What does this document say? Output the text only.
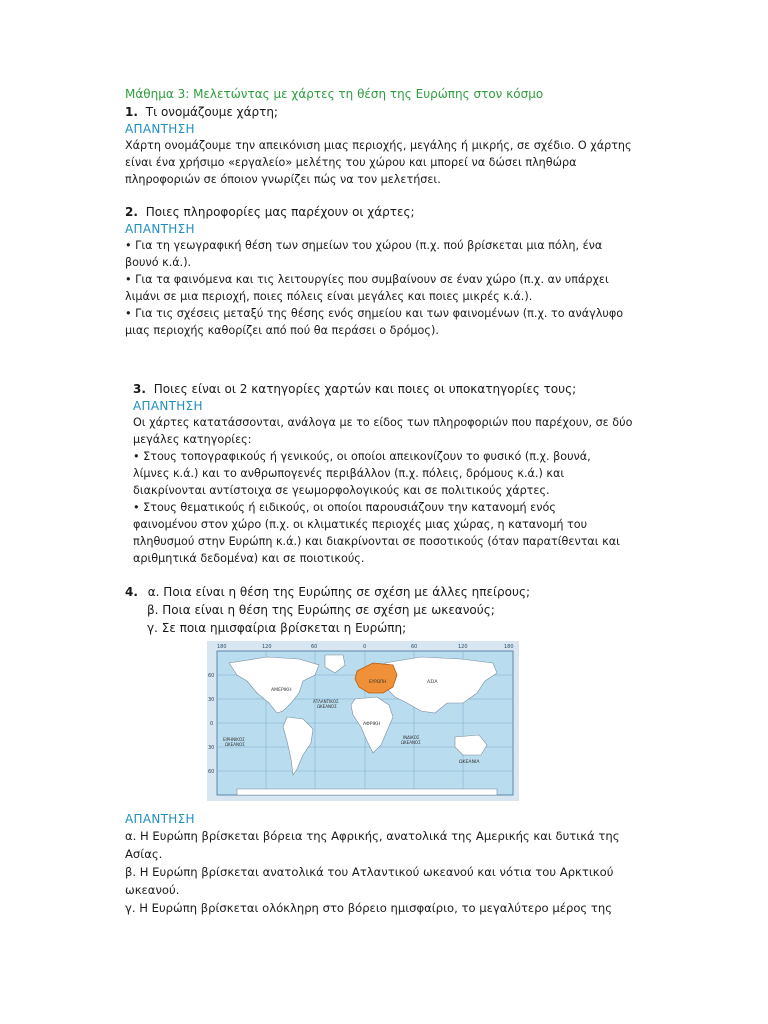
Μάθημα 3: Μελετώντας με χάρτες τη θέση της Ευρώπης στον κόσμο

1. Τι ονομάζουμε χάρτη;

ΑΠΑΝΤΗΣΗ

Χάρτη ονομάζουμε την απεικόνιση μιας περιοχής, μεγάλης ή μικρής, σε σχέδιο. Ο χάρτης

είναι ένα χρήσιμο «εργαλείο» μελέτης του χώρου και μπορεί να δώσει πληθώρα

πληροφοριών σε όποιον γνωρίζει πώς να τον μελετήσει.

2. Ποιες πληροφορίες μας παρέχουν οι χάρτες;

ΑΠΑΝΤΗΣΗ

• Για τη γεωγραφική θέση των σημείων του χώρου (π.χ. πού βρίσκεται μια πόλη, ένα

βουνό κ.ά.).

• Για τα φαινόμενα και τις λειτουργίες που συμβαίνουν σε έναν χώρο (π.χ. αν υπάρχει

λιμάνι σε μια περιοχή, ποιες πόλεις είναι μεγάλες και ποιες μικρές κ.ά.).

• Για τις σχέσεις μεταξύ της θέσης ενός σημείου και των φαινομένων (π.χ. το ανάγλυφο

μιας περιοχής καθορίζει από πού θα περάσει ο δρόμος).

3. Ποιες είναι οι 2 κατηγορίες χαρτών και ποιες οι υποκατηγορίες τους;

ΑΠΑΝΤΗΣΗ

Οι χάρτες κατατάσσονται, ανάλογα με το είδος των πληροφοριών που παρέχουν, σε δύο

μεγάλες κατηγορίες:

• Στους τοπογραφικούς ή γενικούς, οι οποίοι απεικονίζουν το φυσικό (π.χ. βουνά,

λίμνες κ.ά.) και το ανθρωπογενές περιβάλλον (π.χ. πόλεις, δρόμους κ.ά.) και

διακρίνονται αντίστοιχα σε γεωμορφολογικούς και σε πολιτικούς χάρτες.

• Στους θεματικούς ή ειδικούς, οι οποίοι παρουσιάζουν την κατανομή ενός

φαινομένου στον χώρο (π.χ. οι κλιματικές περιοχές μιας χώρας, η κατανομή του

πληθυσμού στην Ευρώπη κ.ά.) και διακρίνονται σε ποσοτικούς (όταν παρατίθενται και

αριθμητικά δεδομένα) και σε ποιοτικούς.

4. α. Ποια είναι η θέση της Ευρώπης σε σχέση με άλλες ηπείρους;

β. Ποια είναι η θέση της Ευρώπης σε σχέση με ωκεανούς;

γ. Σε ποια ημισφαίρια βρίσκεται η Ευρώπη;

180	120	60	0	60	120	180
60
30
0
30
60
ΕΥΡΩΠΗ	ΑΣΙΑ
ΑΜΕΡΙΚΗ
ΑΦΡΙΚΗ
ΩΚΕΑΝΙΑ
ΑΤΛΑΝΤΙΚΟΣ
ΩΚΕΑΝΟΣ
ΕΙΡΗΝΙΚΟΣ
ΩΚΕΑΝΟΣ
ΙΝΔΙΚΟΣ
ΩΚΕΑΝΟΣ

ΑΠΑΝΤΗΣΗ

α. Η Ευρώπη βρίσκεται βόρεια της Αφρικής, ανατολικά της Αμερικής και δυτικά της

Ασίας.

β. Η Ευρώπη βρίσκεται ανατολικά του Ατλαντικού ωκεανού και νότια του Αρκτικού

ωκεανού.

γ. Η Ευρώπη βρίσκεται ολόκληρη στο βόρειο ημισφαίριο, το μεγαλύτερο μέρος της
